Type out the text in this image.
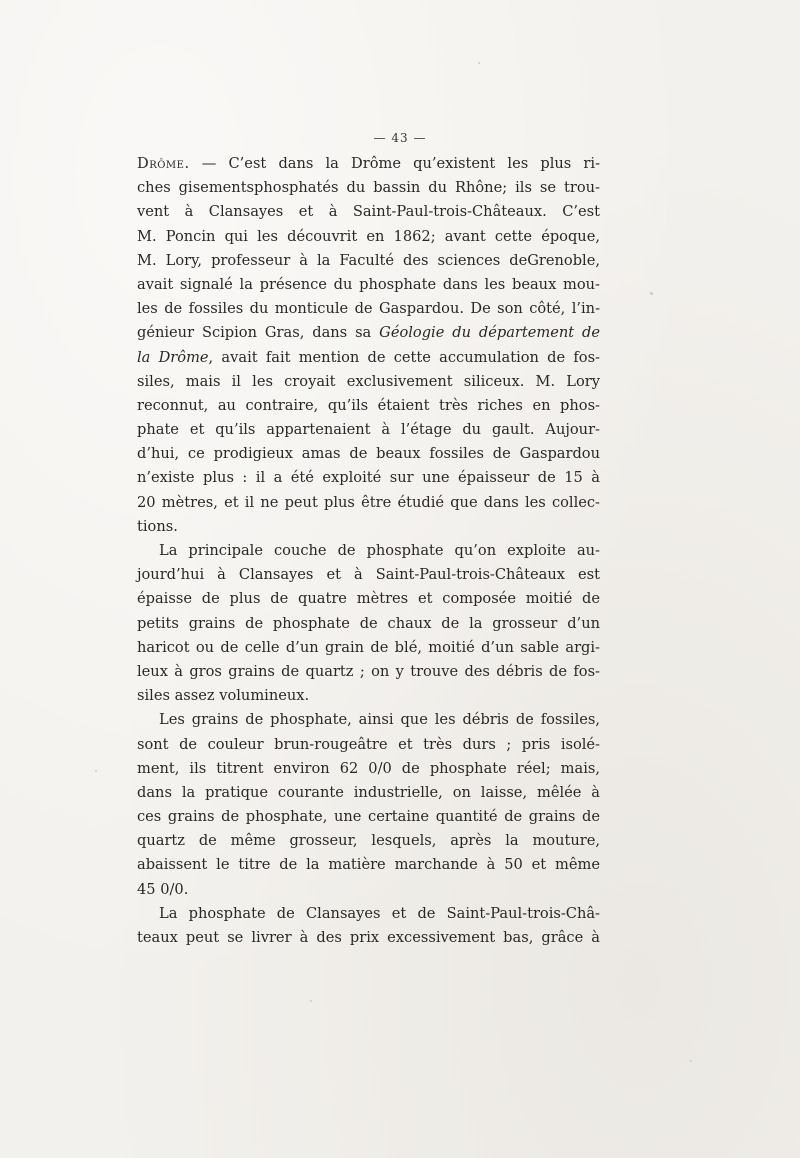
— 43 —
Drôme. — C’est dans la Drôme qu’existent les plus ri-
ches gisementsphosphatés du bassin du Rhône; ils se trou-
vent à Clansayes et à Saint-Paul-trois-Châteaux. C’est
M. Poncin qui les découvrit en 1862; avant cette époque,
M. Lory, professeur à la Faculté des sciences deGrenoble,
avait signalé la présence du phosphate dans les beaux mou-
les de fossiles du monticule de Gaspardou. De son côté, l’in-
génieur Scipion Gras, dans sa Géologie du département de
la Drôme, avait fait mention de cette accumulation de fos-
siles, mais il les croyait exclusivement siliceux. M. Lory
reconnut, au contraire, qu’ils étaient très riches en phos-
phate et qu’ils appartenaient à l’étage du gault. Aujour-
d’hui, ce prodigieux amas de beaux fossiles de Gaspardou
n’existe plus : il a été exploité sur une épaisseur de 15 à
20 mètres, et il ne peut plus être étudié que dans les collec-
tions.
La principale couche de phosphate qu’on exploite au-
jourd’hui à Clansayes et à Saint-Paul-trois-Châteaux est
épaisse de plus de quatre mètres et composée moitié de
petits grains de phosphate de chaux de la grosseur d’un
haricot ou de celle d’un grain de blé, moitié d’un sable argi-
leux à gros grains de quartz ; on y trouve des débris de fos-
siles assez volumineux.
Les grains de phosphate, ainsi que les débris de fossiles,
sont de couleur brun-rougeâtre et très durs ; pris isolé-
ment, ils titrent environ 62 0/0 de phosphate réel; mais,
dans la pratique courante industrielle, on laisse, mêlée à
ces grains de phosphate, une certaine quantité de grains de
quartz de même grosseur, lesquels, après la mouture,
abaissent le titre de la matière marchande à 50 et même
45 0/0.
La phosphate de Clansayes et de Saint-Paul-trois-Châ-
teaux peut se livrer à des prix excessivement bas, grâce à
